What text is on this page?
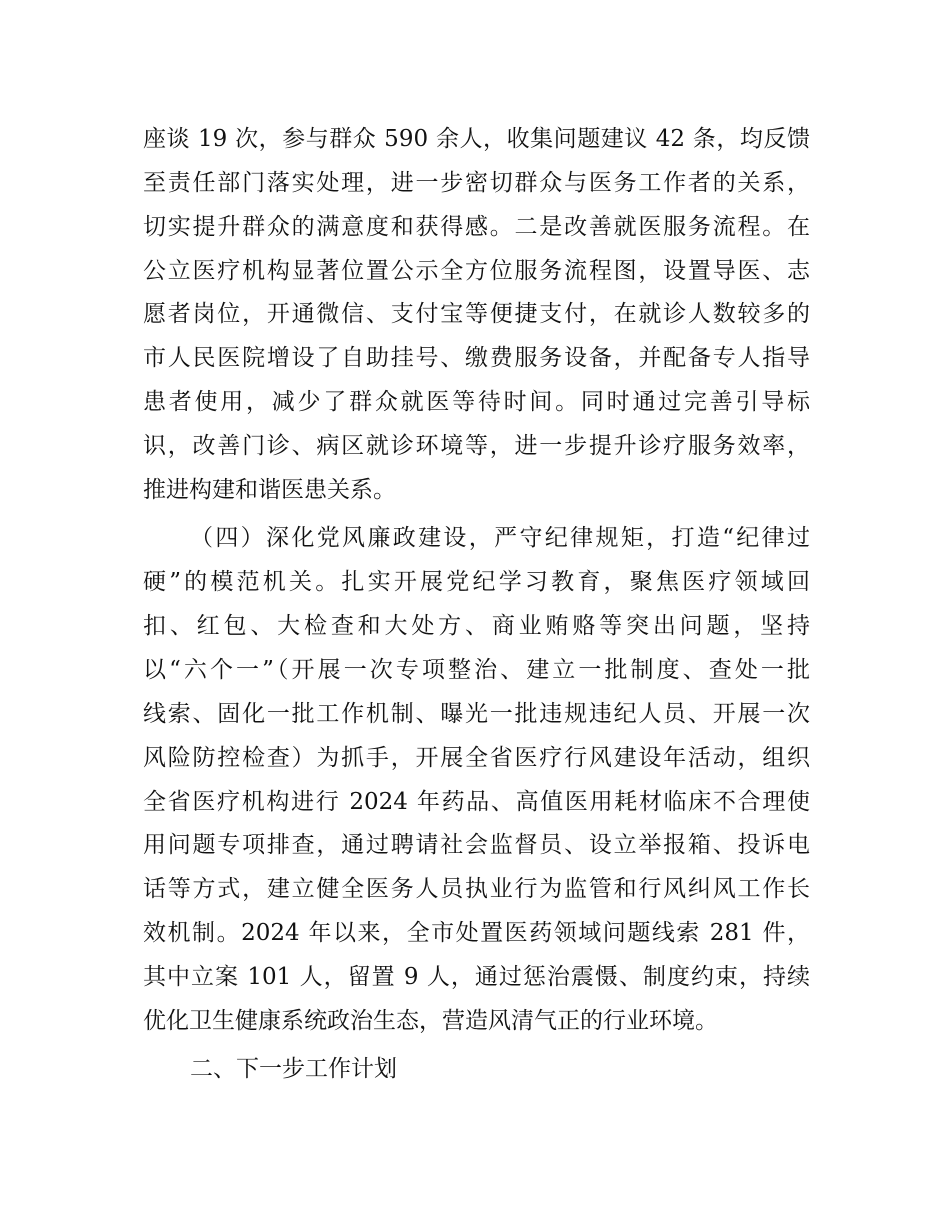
座谈 19 次，参与群众 590 余人，收集问题建议 42 条，均反馈
至责任部门落实处理，进一步密切群众与医务工作者的关系，
切实提升群众的满意度和获得感。二是改善就医服务流程。在
公立医疗机构显著位置公示全方位服务流程图，设置导医、志
愿者岗位，开通微信、支付宝等便捷支付，在就诊人数较多的
市人民医院增设了自助挂号、缴费服务设备，并配备专人指导
患者使用，减少了群众就医等待时间。同时通过完善引导标
识，改善门诊、病区就诊环境等，进一步提升诊疗服务效率，
推进构建和谐医患关系。
（四）深化党风廉政建设，严守纪律规矩，打造“纪律过
硬”的模范机关。扎实开展党纪学习教育，聚焦医疗领域回
扣、红包、大检查和大处方、商业贿赂等突出问题，坚持
以“六个一”（开展一次专项整治、建立一批制度、查处一批
线索、固化一批工作机制、曝光一批违规违纪人员、开展一次
风险防控检查）为抓手，开展全省医疗行风建设年活动，组织
全省医疗机构进行 2024 年药品、高值医用耗材临床不合理使
用问题专项排查，通过聘请社会监督员、设立举报箱、投诉电
话等方式，建立健全医务人员执业行为监管和行风纠风工作长
效机制。2024 年以来，全市处置医药领域问题线索 281 件，
其中立案 101 人，留置 9 人，通过惩治震慑、制度约束，持续
优化卫生健康系统政治生态，营造风清气正的行业环境。
二、下一步工作计划
